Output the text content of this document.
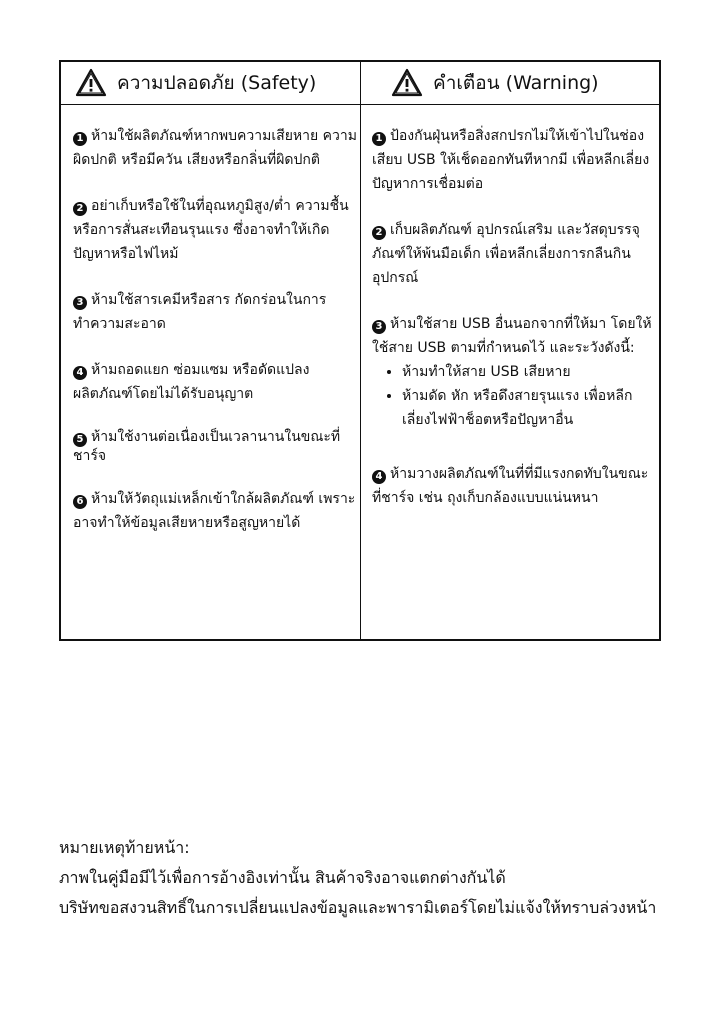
ความปลอดภัย (Safety)	คำเตือน (Warning)

1 ห้ามใช้ผลิตภัณฑ์หากพบความเสียหาย ความผิดปกติ หรือมีควัน เสียงหรือกลิ่นที่ผิดปกติ

2 อย่าเก็บหรือใช้ในที่อุณหภูมิสูง/ต่ำ ความชื้น หรือการสั่นสะเทือนรุนแรง ซึ่งอาจทำให้เกิดปัญหาหรือไฟไหม้

3 ห้ามใช้สารเคมีหรือสาร กัดกร่อนในการทำความสะอาด

4 ห้ามถอดแยก ซ่อมแซม หรือดัดแปลง ผลิตภัณฑ์โดยไม่ได้รับอนุญาต

5 ห้ามใช้งานต่อเนื่องเป็นเวลานานในขณะที่ชาร์จ

6 ห้ามให้วัตถุแม่เหล็กเข้าใกล้ผลิตภัณฑ์ เพราะอาจทำให้ข้อมูลเสียหายหรือสูญหายได้

1 ป้องกันฝุ่นหรือสิ่งสกปรกไม่ให้เข้าไปในช่องเสียบ USB ให้เช็ดออกทันทีหากมี เพื่อหลีกเลี่ยงปัญหาการเชื่อมต่อ

2 เก็บผลิตภัณฑ์ อุปกรณ์เสริม และวัสดุบรรจุภัณฑ์ให้พ้นมือเด็ก เพื่อหลีกเลี่ยงการกลืนกินอุปกรณ์

3 ห้ามใช้สาย USB อื่นนอกจากที่ให้มา โดยให้ใช้สาย USB ตามที่กำหนดไว้ และระวังดังนี้:
• ห้ามทำให้สาย USB เสียหาย
• ห้ามดัด หัก หรือดึงสายรุนแรง เพื่อหลีกเลี่ยงไฟฟ้าช็อตหรือปัญหาอื่น

4 ห้ามวางผลิตภัณฑ์ในที่ที่มีแรงกดทับในขณะที่ชาร์จ เช่น ถุงเก็บกล้องแบบแน่นหนา

หมายเหตุท้ายหน้า:
ภาพในคู่มือมีไว้เพื่อการอ้างอิงเท่านั้น สินค้าจริงอาจแตกต่างกันได้
บริษัทขอสงวนสิทธิ์ในการเปลี่ยนแปลงข้อมูลและพารามิเตอร์โดยไม่แจ้งให้ทราบล่วงหน้า
